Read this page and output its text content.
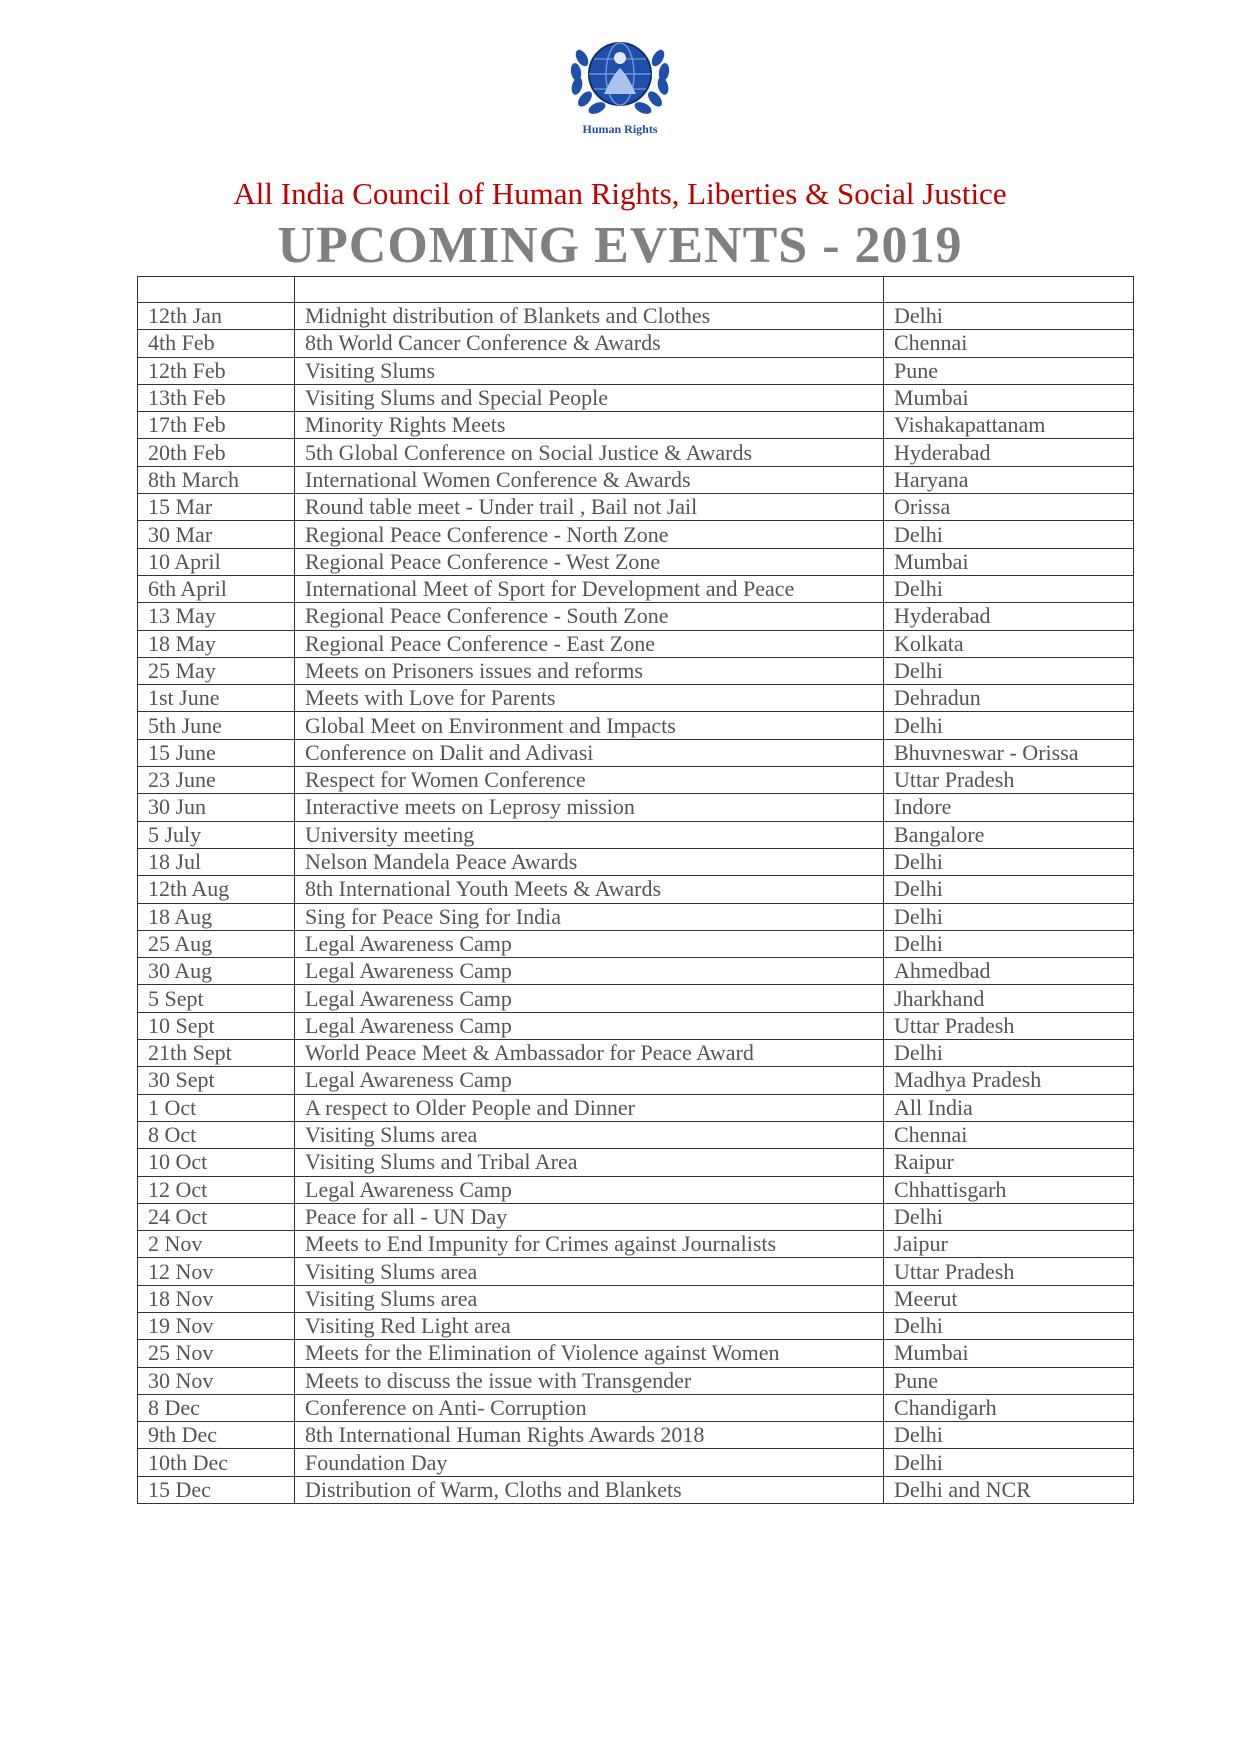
Human Rights
All India Council of Human Rights, Liberties & Social Justice
UPCOMING EVENTS - 2019

12th Jan	Midnight distribution of Blankets and Clothes	Delhi
4th Feb	8th World Cancer Conference & Awards	Chennai
12th Feb	Visiting Slums	Pune
13th Feb	Visiting Slums and Special People	Mumbai
17th Feb	Minority Rights Meets	Vishakapattanam
20th Feb	5th Global Conference on Social Justice & Awards	Hyderabad
8th March	International Women Conference & Awards	Haryana
15 Mar	Round table meet - Under trail , Bail not Jail	Orissa
30 Mar	Regional Peace Conference - North Zone	Delhi
10 April	Regional Peace Conference - West Zone	Mumbai
6th April	International Meet of Sport for Development and Peace	Delhi
13 May	Regional Peace Conference - South Zone	Hyderabad
18 May	Regional Peace Conference - East Zone	Kolkata
25 May	Meets on Prisoners issues and reforms	Delhi
1st June	Meets with Love for Parents	Dehradun
5th June	Global Meet on Environment and Impacts	Delhi
15 June	Conference on Dalit and Adivasi	Bhuvneswar - Orissa
23 June	Respect for Women Conference	Uttar Pradesh
30 Jun	Interactive meets on Leprosy mission	Indore
5 July	University meeting	Bangalore
18 Jul	Nelson Mandela Peace Awards	Delhi
12th Aug	8th International Youth Meets & Awards	Delhi
18 Aug	Sing for Peace Sing for India	Delhi
25 Aug	Legal Awareness Camp	Delhi
30 Aug	Legal Awareness Camp	Ahmedbad
5 Sept	Legal Awareness Camp	Jharkhand
10 Sept	Legal Awareness Camp	Uttar Pradesh
21th Sept	World Peace Meet & Ambassador for Peace Award	Delhi
30 Sept	Legal Awareness Camp	Madhya Pradesh
1 Oct	A respect to Older People and Dinner	All India
8 Oct	Visiting Slums area	Chennai
10 Oct	Visiting Slums and Tribal Area	Raipur
12 Oct	Legal Awareness Camp	Chhattisgarh
24 Oct	Peace for all - UN Day	Delhi
2 Nov	Meets to End Impunity for Crimes against Journalists	Jaipur
12 Nov	Visiting Slums area	Uttar Pradesh
18 Nov	Visiting Slums area	Meerut
19 Nov	Visiting Red Light area	Delhi
25 Nov	Meets for the Elimination of Violence against Women	Mumbai
30 Nov	Meets to discuss the issue with Transgender	Pune
8 Dec	Conference on Anti- Corruption	Chandigarh
9th Dec	8th International Human Rights Awards 2018	Delhi
10th Dec	Foundation Day	Delhi
15 Dec	Distribution of Warm, Cloths and Blankets	Delhi and NCR
